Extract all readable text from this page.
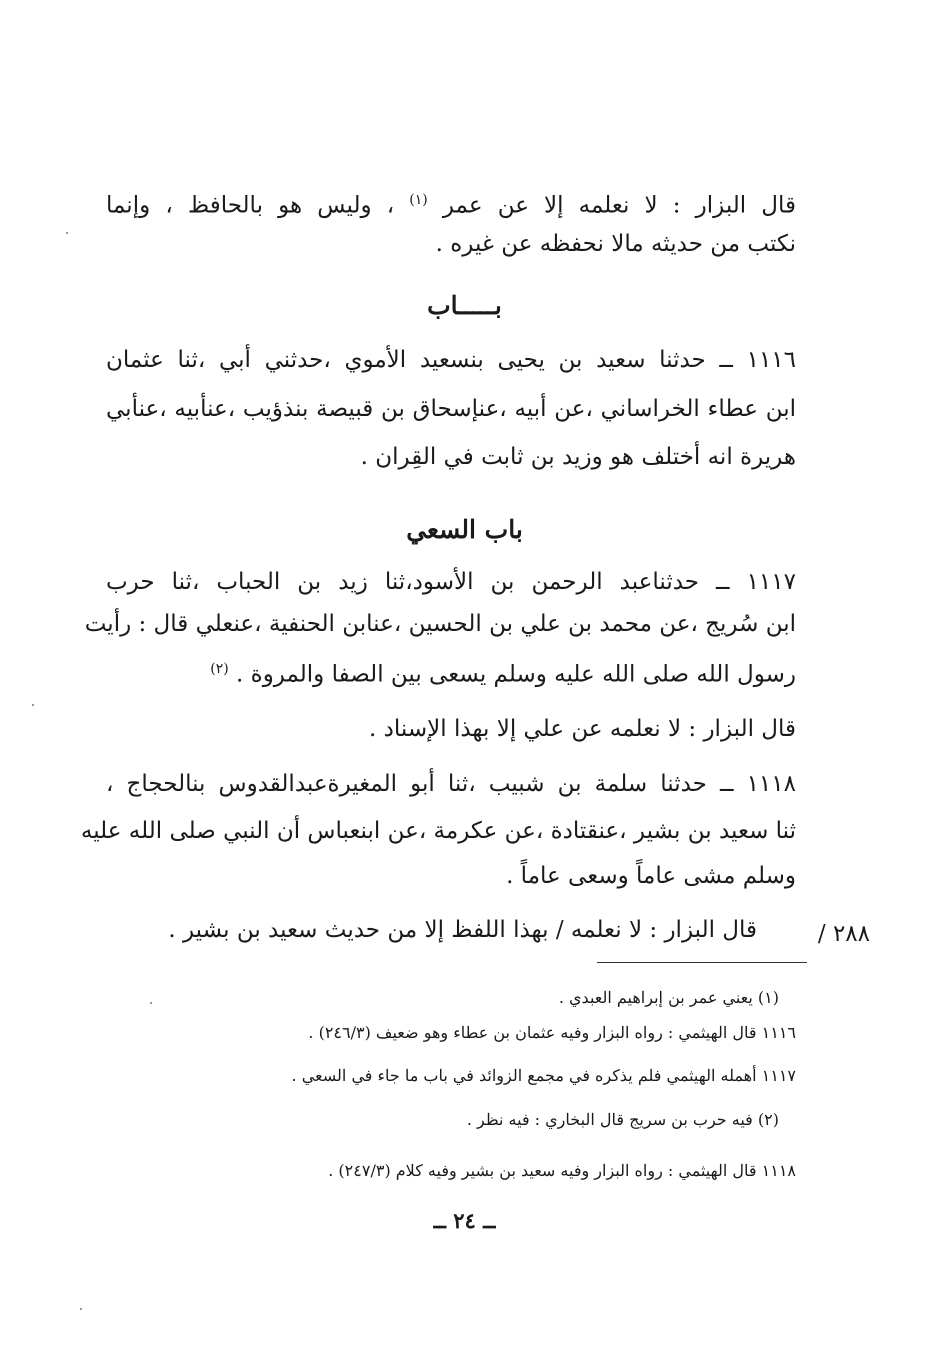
قال البزار : لا نعلمه إلا عن عمر $^{(١)}$ ، وليس هو بالحافظ ، وإنما
نكتب من حديثه مالا نحفظه عن غيره .
بـــــاب
١١١٦ ــ حدثنا سعيد بن يحيى بنسعيد الأموي ،حدثني أبي ،ثنا عثمان
ابن عطاء الخراساني ،عن أبيه ،عنإسحاق بن قبيصة بنذؤيب ،عنأبيه ،عنأبي
هريرة انه أختلف هو وزيد بن ثابت في القِران .
باب السعي
١١١٧ ــ حدثناعبد الرحمن بن الأسود،ثنا زيد بن الحباب ،ثنا حرب
ابن سُريج ،عن محمد بن علي بن الحسين ،عنابن الحنفية ،عنعلي قال : رأيت
رسول الله صلى الله عليه وسلم يسعى بين الصفا والمروة . $^{(٢)}$
قال البزار : لا نعلمه عن علي إلا بهذا الإسناد .
١١١٨ ــ حدثنا سلمة بن شبيب ،ثنا أبو المغيرةعبدالقدوس بنالحجاج ،
ثنا سعيد بن بشير ،عنقتادة ،عن عكرمة ،عن ابنعباس أن النبي صلى الله عليه
وسلم مشى عاماً وسعى عاماً .
قال البزار : لا نعلمه / بهذا اللفظ إلا من حديث سعيد بن بشير .	٢٨٨ /
(١) يعني عمر بن إبراهيم العبدي .
١١١٦ قال الهيثمي : رواه البزار وفيه عثمان بن عطاء وهو ضعيف (٢٤٦/٣) .
١١١٧ أهمله الهيثمي فلم يذكره في مجمع الزوائد في باب ما جاء في السعي .
(٢) فيه حرب بن سريج قال البخاري : فيه نظر .
١١١٨ قال الهيثمي : رواه البزار وفيه سعيد بن بشير وفيه كلام (٢٤٧/٣) .
ــ ٢٤ ــ
